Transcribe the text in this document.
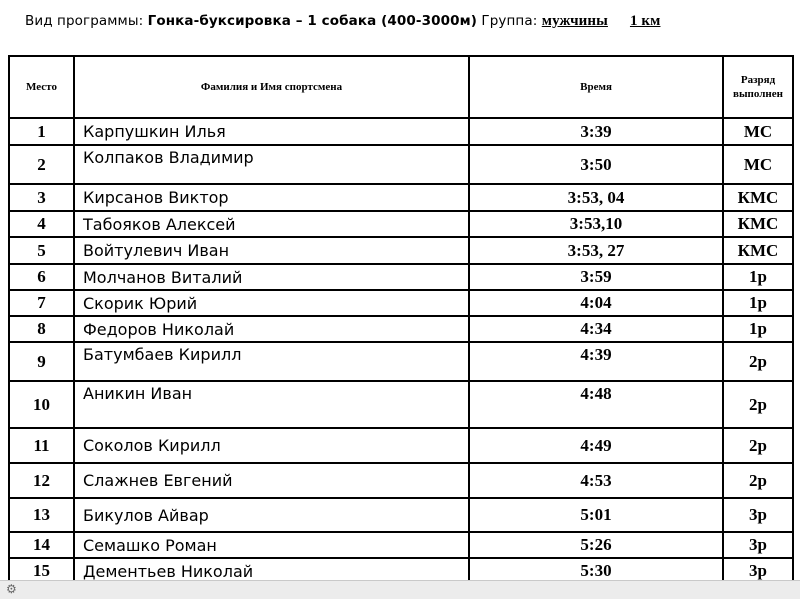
Вид программы: Гонка-буксировка – 1 собака (400-3000м) Группа: мужчины 1 км
Место	Фамилия и Имя спортсмена	Время	Разряд выполнен
1	Карпушкин Илья	3:39	МС
2	Колпаков Владимир	3:50	МС
3	Кирсанов Виктор	3:53, 04	КМС
4	Табояков Алексей	3:53,10	КМС
5	Войтулевич Иван	3:53, 27	КМС
6	Молчанов Виталий	3:59	1р
7	Скорик Юрий	4:04	1р
8	Федоров Николай	4:34	1р
9	Батумбаев Кирилл	4:39	2р
10	Аникин Иван	4:48	2р
11	Соколов Кирилл	4:49	2р
12	Слажнев Евгений	4:53	2р
13	Бикулов Айвар	5:01	3р
14	Семашко Роман	5:26	3р
15	Дементьев Николай	5:30	3р
⚙
